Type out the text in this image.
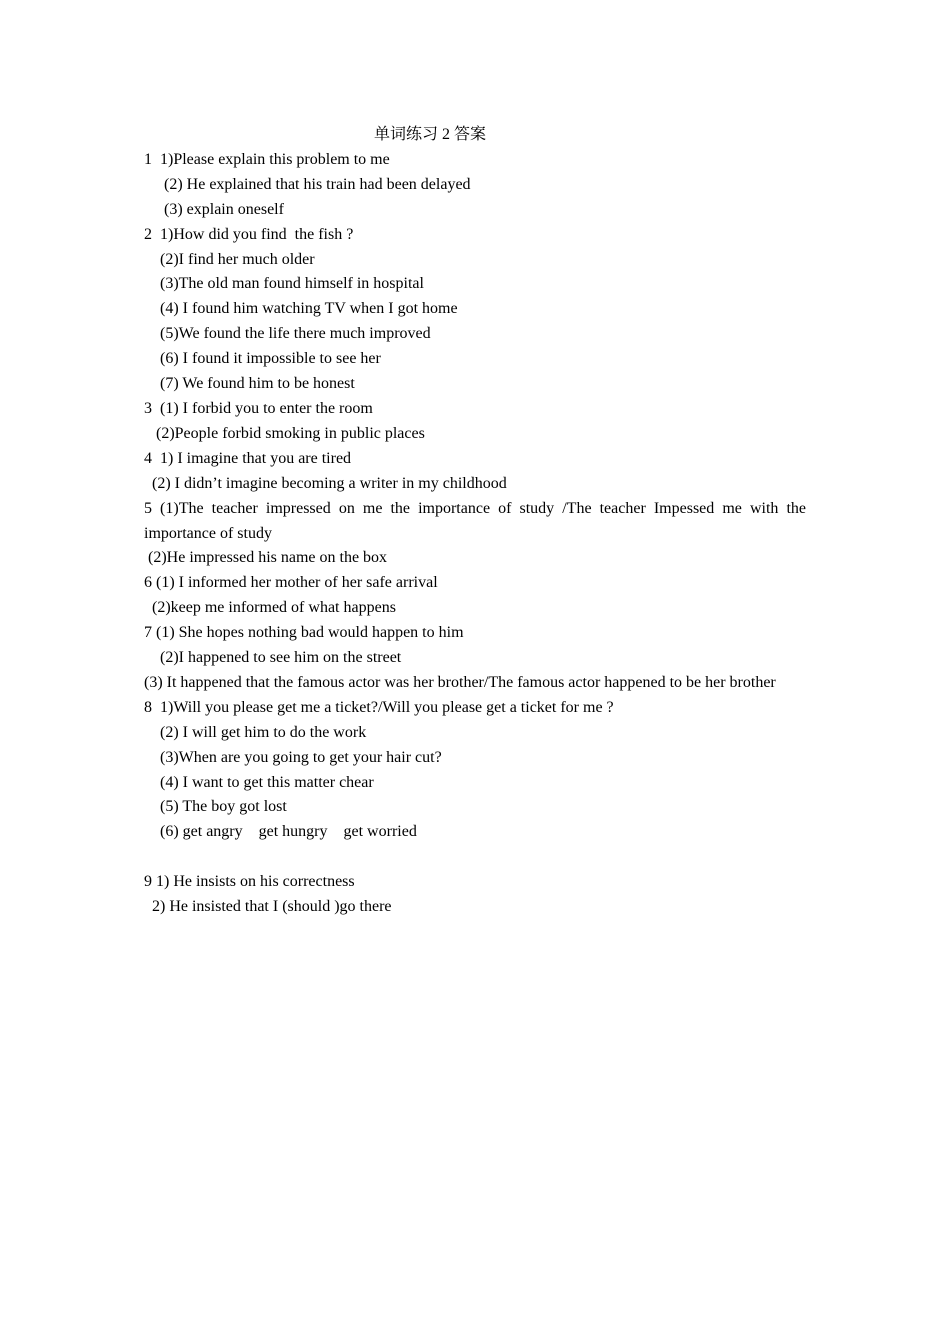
单词练习 2 答案
1  1)Please explain this problem to me
(2) He explained that his train had been delayed
(3) explain oneself
2  1)How did you find  the fish ?
(2)I find her much older
(3)The old man found himself in hospital
(4) I found him watching TV when I got home
(5)We found the life there much improved
(6) I found it impossible to see her
(7) We found him to be honest
3  (1) I forbid you to enter the room
(2)People forbid smoking in public places
4  1) I imagine that you are tired
(2) I didn’t imagine becoming a writer in my childhood
5 (1)The teacher impressed on me the importance of study /The teacher Impessed me with the importance of study
(2)He impressed his name on the box
6 (1) I informed her mother of her safe arrival
(2)keep me informed of what happens
7 (1) She hopes nothing bad would happen to him
(2)I happened to see him on the street
(3) It happened that the famous actor was her brother/The famous actor happened to be her brother
8  1)Will you please get me a ticket?/Will you please get a ticket for me ?
(2) I will get him to do the work
(3)When are you going to get your hair cut?
(4) I want to get this matter chear
(5) The boy got lost
(6) get angry    get hungry    get worried
9 1) He insists on his correctness
2) He insisted that I (should )go there
